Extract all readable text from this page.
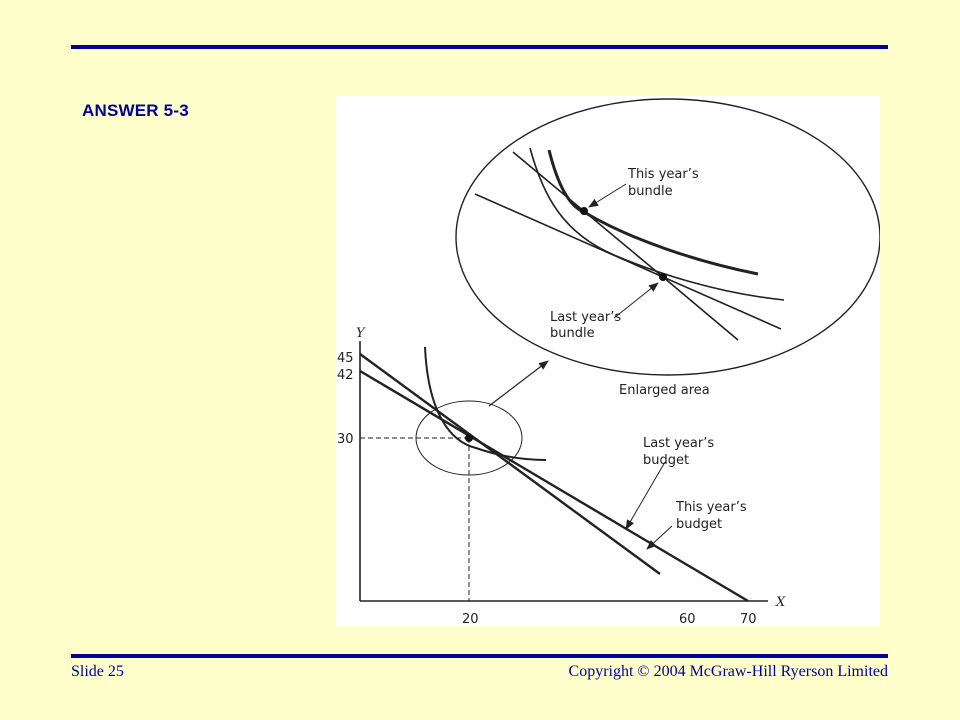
ANSWER 5-3
Y
X
45
42
30
20	60	70
This year’s
bundle
Last year’s
bundle
Enlarged area
Last year’s
budget
This year’s
budget
Slide 25	Copyright © 2004 McGraw-Hill Ryerson Limited
